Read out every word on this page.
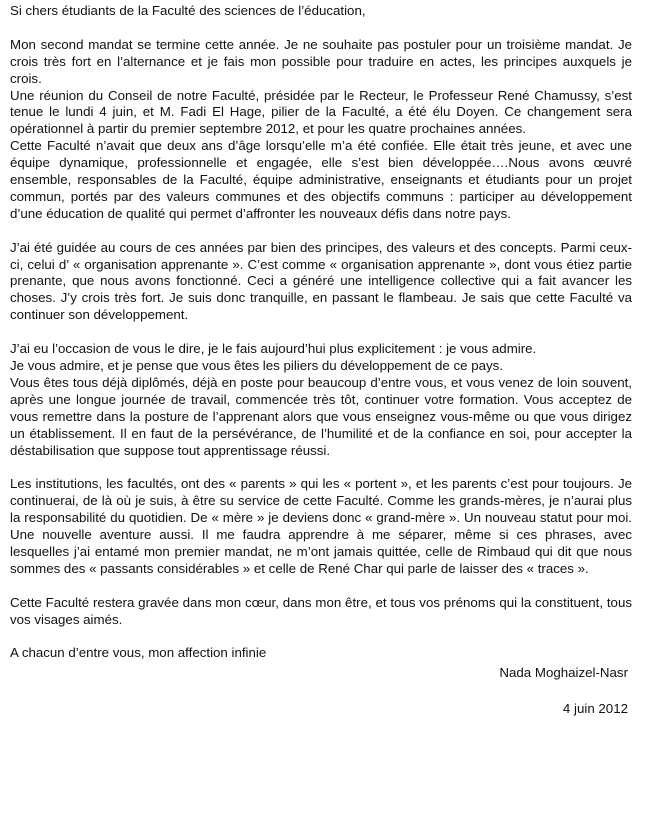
Si chers étudiants de la Faculté des sciences de l’éducation,

Mon second mandat se termine cette année. Je ne souhaite pas postuler pour un troisième mandat. Je crois très fort en l’alternance et je fais mon possible pour traduire en actes, les principes auxquels je crois.

Une réunion du Conseil de notre Faculté, présidée par le Recteur, le Professeur René Chamussy, s’est tenue le lundi 4 juin, et M. Fadi El Hage, pilier de la Faculté, a été élu Doyen. Ce changement sera opérationnel à partir du premier septembre 2012, et pour les quatre prochaines années.

Cette Faculté n’avait que deux ans d’âge lorsqu’elle m’a été confiée. Elle était très jeune, et avec une équipe dynamique, professionnelle et engagée, elle s’est bien développée….Nous avons œuvré ensemble, responsables de la Faculté, équipe administrative, enseignants et étudiants pour un projet commun, portés par des valeurs communes et des objectifs communs : participer au développement d’une éducation de qualité qui permet d’affronter les nouveaux défis dans notre pays.

J’ai été guidée au cours de ces années par bien des principes, des valeurs et des concepts. Parmi ceux-ci, celui d’ « organisation apprenante ». C’est comme « organisation apprenante », dont vous étiez partie prenante, que nous avons fonctionné. Ceci a généré une intelligence collective qui a fait avancer les choses. J’y crois très fort. Je suis donc tranquille, en passant le flambeau. Je sais que cette Faculté va continuer son développement.

J’ai eu l’occasion de vous le dire, je le fais aujourd’hui plus explicitement : je vous admire.

Je vous admire, et je pense que vous êtes les piliers du développement de ce pays.

Vous êtes tous déjà diplômés, déjà en poste pour beaucoup d’entre vous, et vous venez de loin souvent, après une longue journée de travail, commencée très tôt, continuer votre formation. Vous acceptez de vous remettre dans la posture de l’apprenant alors que vous enseignez vous-même ou que vous dirigez un établissement. Il en faut de la persévérance, de l’humilité et de la confiance en soi, pour accepter la déstabilisation que suppose tout apprentissage réussi.

Les institutions, les facultés, ont des « parents » qui les « portent », et les parents c’est pour toujours. Je continuerai, de là où je suis, à être su service de cette Faculté. Comme les grands-mères, je n’aurai plus la responsabilité du quotidien. De « mère » je deviens donc « grand-mère ». Un nouveau statut pour moi. Une nouvelle aventure aussi. Il me faudra apprendre à me séparer, même si ces phrases, avec lesquelles j’ai entamé mon premier mandat, ne m’ont jamais quittée, celle de Rimbaud qui dit que nous sommes des « passants considérables » et celle de René Char qui parle de laisser des « traces ».

Cette Faculté restera gravée dans mon cœur, dans mon être, et tous vos prénoms qui la constituent, tous vos visages aimés.

A chacun d’entre vous, mon affection infinie

Nada Moghaizel-Nasr

4 juin 2012
